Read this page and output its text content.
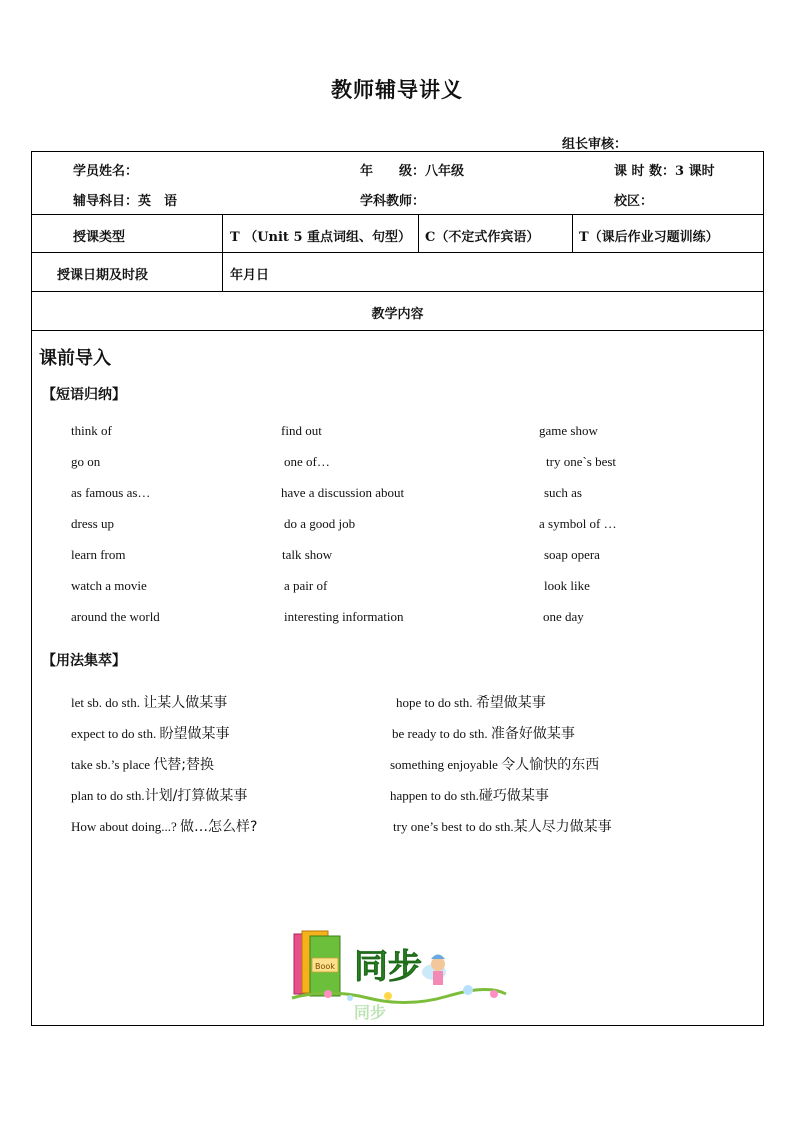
教师辅导讲义
组长审核：
学员姓名：	年　　级：八年级	课 时 数：3 课时
辅导科目：英　语	学科教师：	校区：
授课类型	T （Unit 5 重点词组、句型） C（不定式作宾语）	T（课后作业习题训练）
授课日期及时段	年月日
教学内容
课前导入
【短语归纳】
think of	find out	game show
go on	one of…	try one`s best
as famous as…	have a discussion about	such as
dress up	do a good job	a symbol of …
learn from	talk show	soap opera
watch a movie	a pair of	look like
around the world	interesting information	one day
【用法集萃】
let sb. do sth. 让某人做某事	hope to do sth. 希望做某事
expect to do sth. 盼望做某事	be ready to do sth. 准备好做某事
take sb.’s place 代替;替换	something enjoyable 令人愉快的东西
plan to do sth.计划/打算做某事	happen to do sth.碰巧做某事
How about doing...? 做…怎么样?	try one’s best to do sth.某人尽力做某事
Book 同步
同步
